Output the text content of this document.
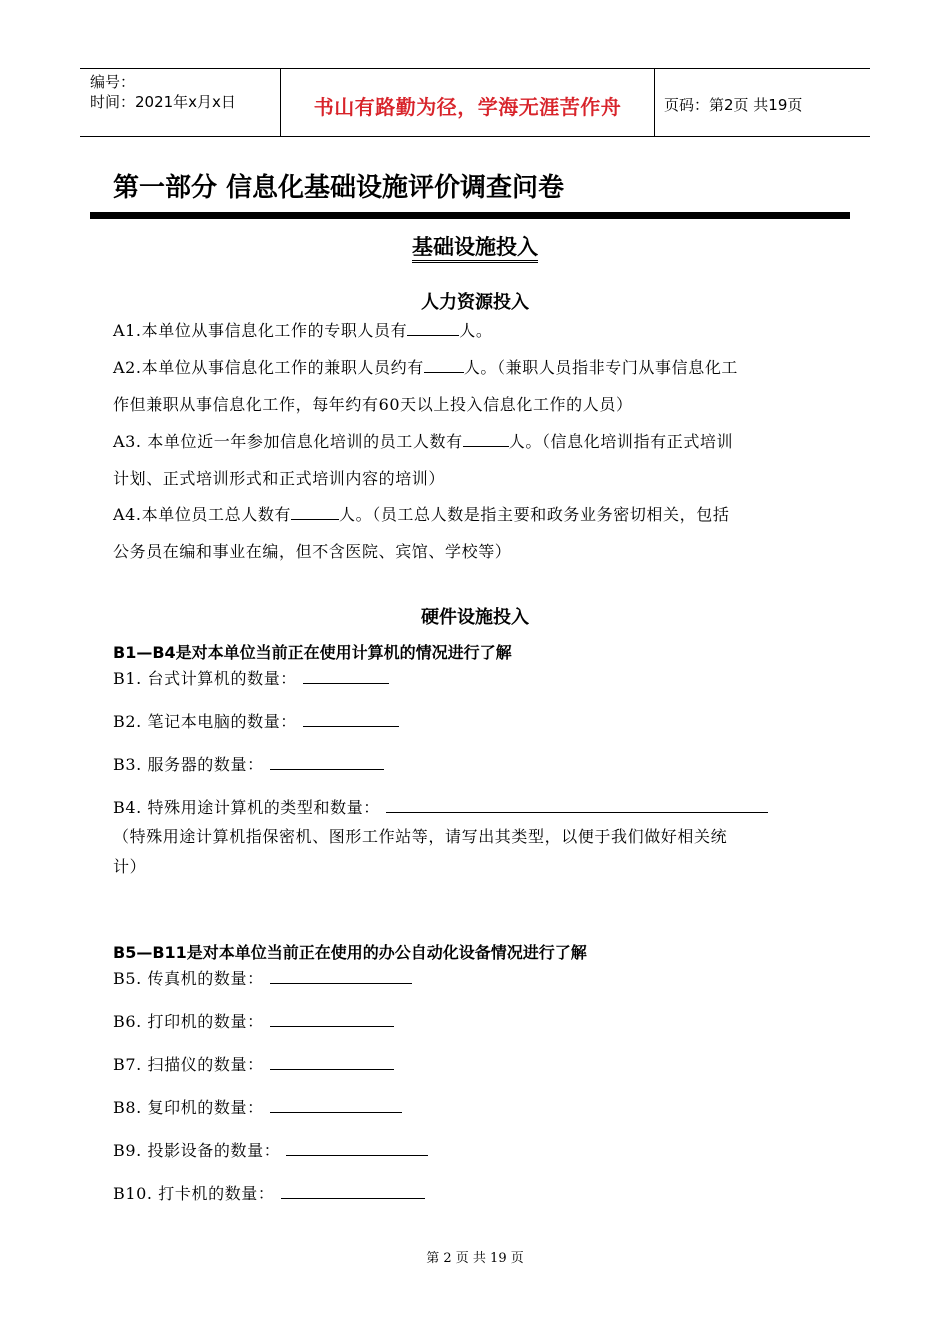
编号：
时间：2021年x月x日	书山有路勤为径，学海无涯苦作舟	页码：第2页 共19页
第一部分 信息化基础设施评价调查问卷
基础设施投入
人力资源投入
A1.本单位从事信息化工作的专职人员有	人。
A2.本单位从事信息化工作的兼职人员约有	人。（兼职人员指非专门从事信息化工
作但兼职从事信息化工作，每年约有60天以上投入信息化工作的人员）
A3. 本单位近一年参加信息化培训的员工人数有	人。（信息化培训指有正式培训
计划、正式培训形式和正式培训内容的培训）
A4.本单位员工总人数有	人。（员工总人数是指主要和政务业务密切相关，包括
公务员在编和事业在编，但不含医院、宾馆、学校等）
硬件设施投入
B1—B4是对本单位当前正在使用计算机的情况进行了解
B1. 台式计算机的数量：
B2. 笔记本电脑的数量：
B3. 服务器的数量：
B4. 特殊用途计算机的类型和数量：
（特殊用途计算机指保密机、图形工作站等，请写出其类型，以便于我们做好相关统
计）
B5—B11是对本单位当前正在使用的办公自动化设备情况进行了解
B5. 传真机的数量：
B6. 打印机的数量：
B7. 扫描仪的数量：
B8. 复印机的数量：
B9. 投影设备的数量：
B10. 打卡机的数量：
第 2 页 共 19 页
